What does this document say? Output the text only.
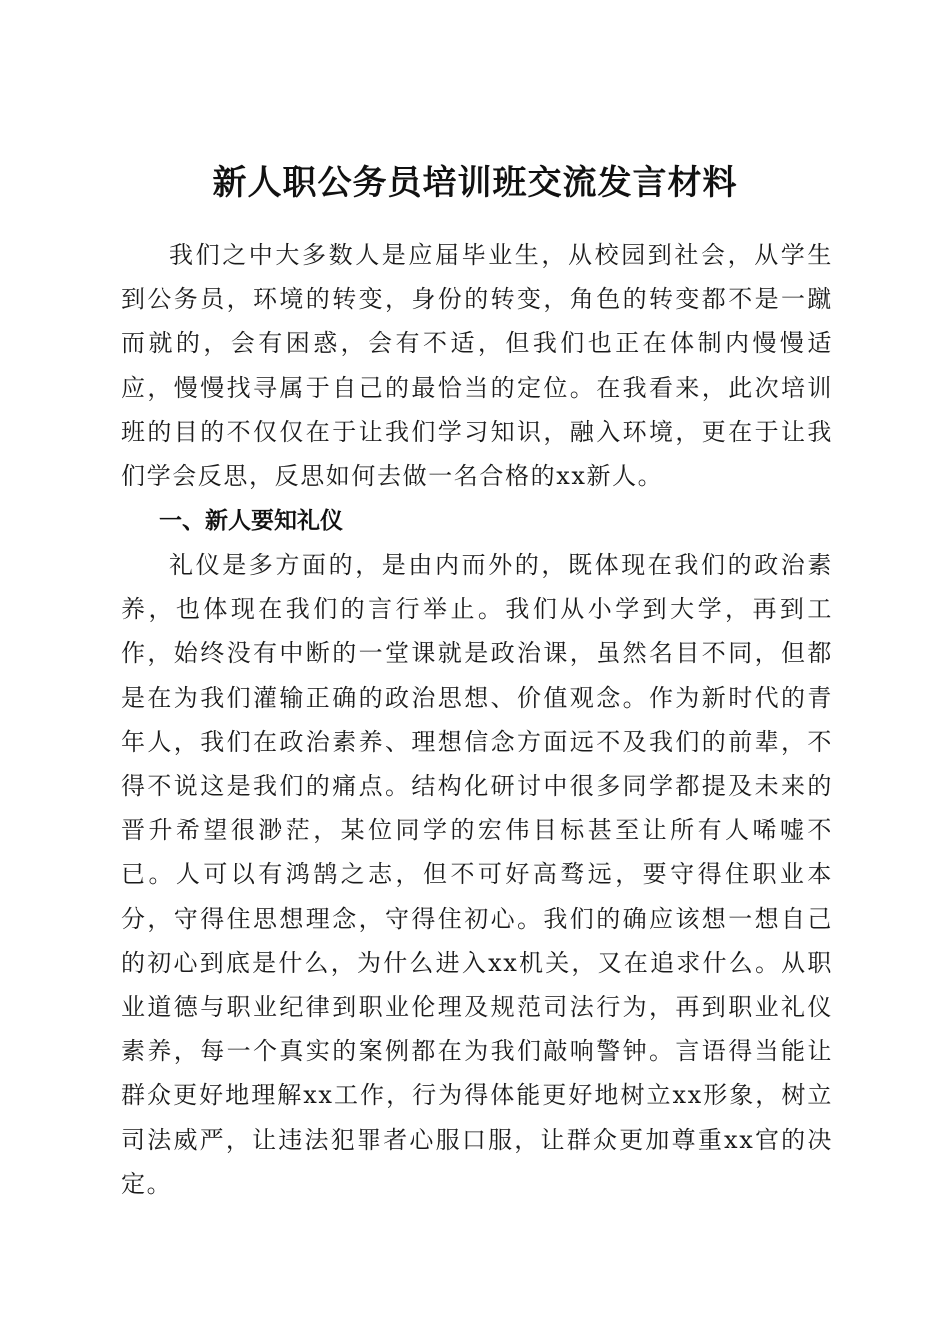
新人职公务员培训班交流发言材料

我们之中大多数人是应届毕业生，从校园到社会，从学生到公务员，环境的转变，身份的转变，角色的转变都不是一蹴而就的，会有困惑，会有不适，但我们也正在体制内慢慢适应，慢慢找寻属于自己的最恰当的定位。在我看来，此次培训班的目的不仅仅在于让我们学习知识，融入环境，更在于让我们学会反思，反思如何去做一名合格的xx新人。

一、新人要知礼仪

礼仪是多方面的，是由内而外的，既体现在我们的政治素养，也体现在我们的言行举止。我们从小学到大学，再到工作，始终没有中断的一堂课就是政治课，虽然名目不同，但都是在为我们灌输正确的政治思想、价值观念。作为新时代的青年人，我们在政治素养、理想信念方面远不及我们的前辈，不得不说这是我们的痛点。结构化研讨中很多同学都提及未来的晋升希望很渺茫，某位同学的宏伟目标甚至让所有人唏嘘不已。人可以有鸿鹄之志，但不可好高骛远，要守得住职业本分，守得住思想理念，守得住初心。我们的确应该想一想自己的初心到底是什么，为什么进入xx机关，又在追求什么。从职业道德与职业纪律到职业伦理及规范司法行为，再到职业礼仪素养，每一个真实的案例都在为我们敲响警钟。言语得当能让群众更好地理解xx工作，行为得体能更好地树立xx形象，树立司法威严，让违法犯罪者心服口服，让群众更加尊重xx官的决定。
